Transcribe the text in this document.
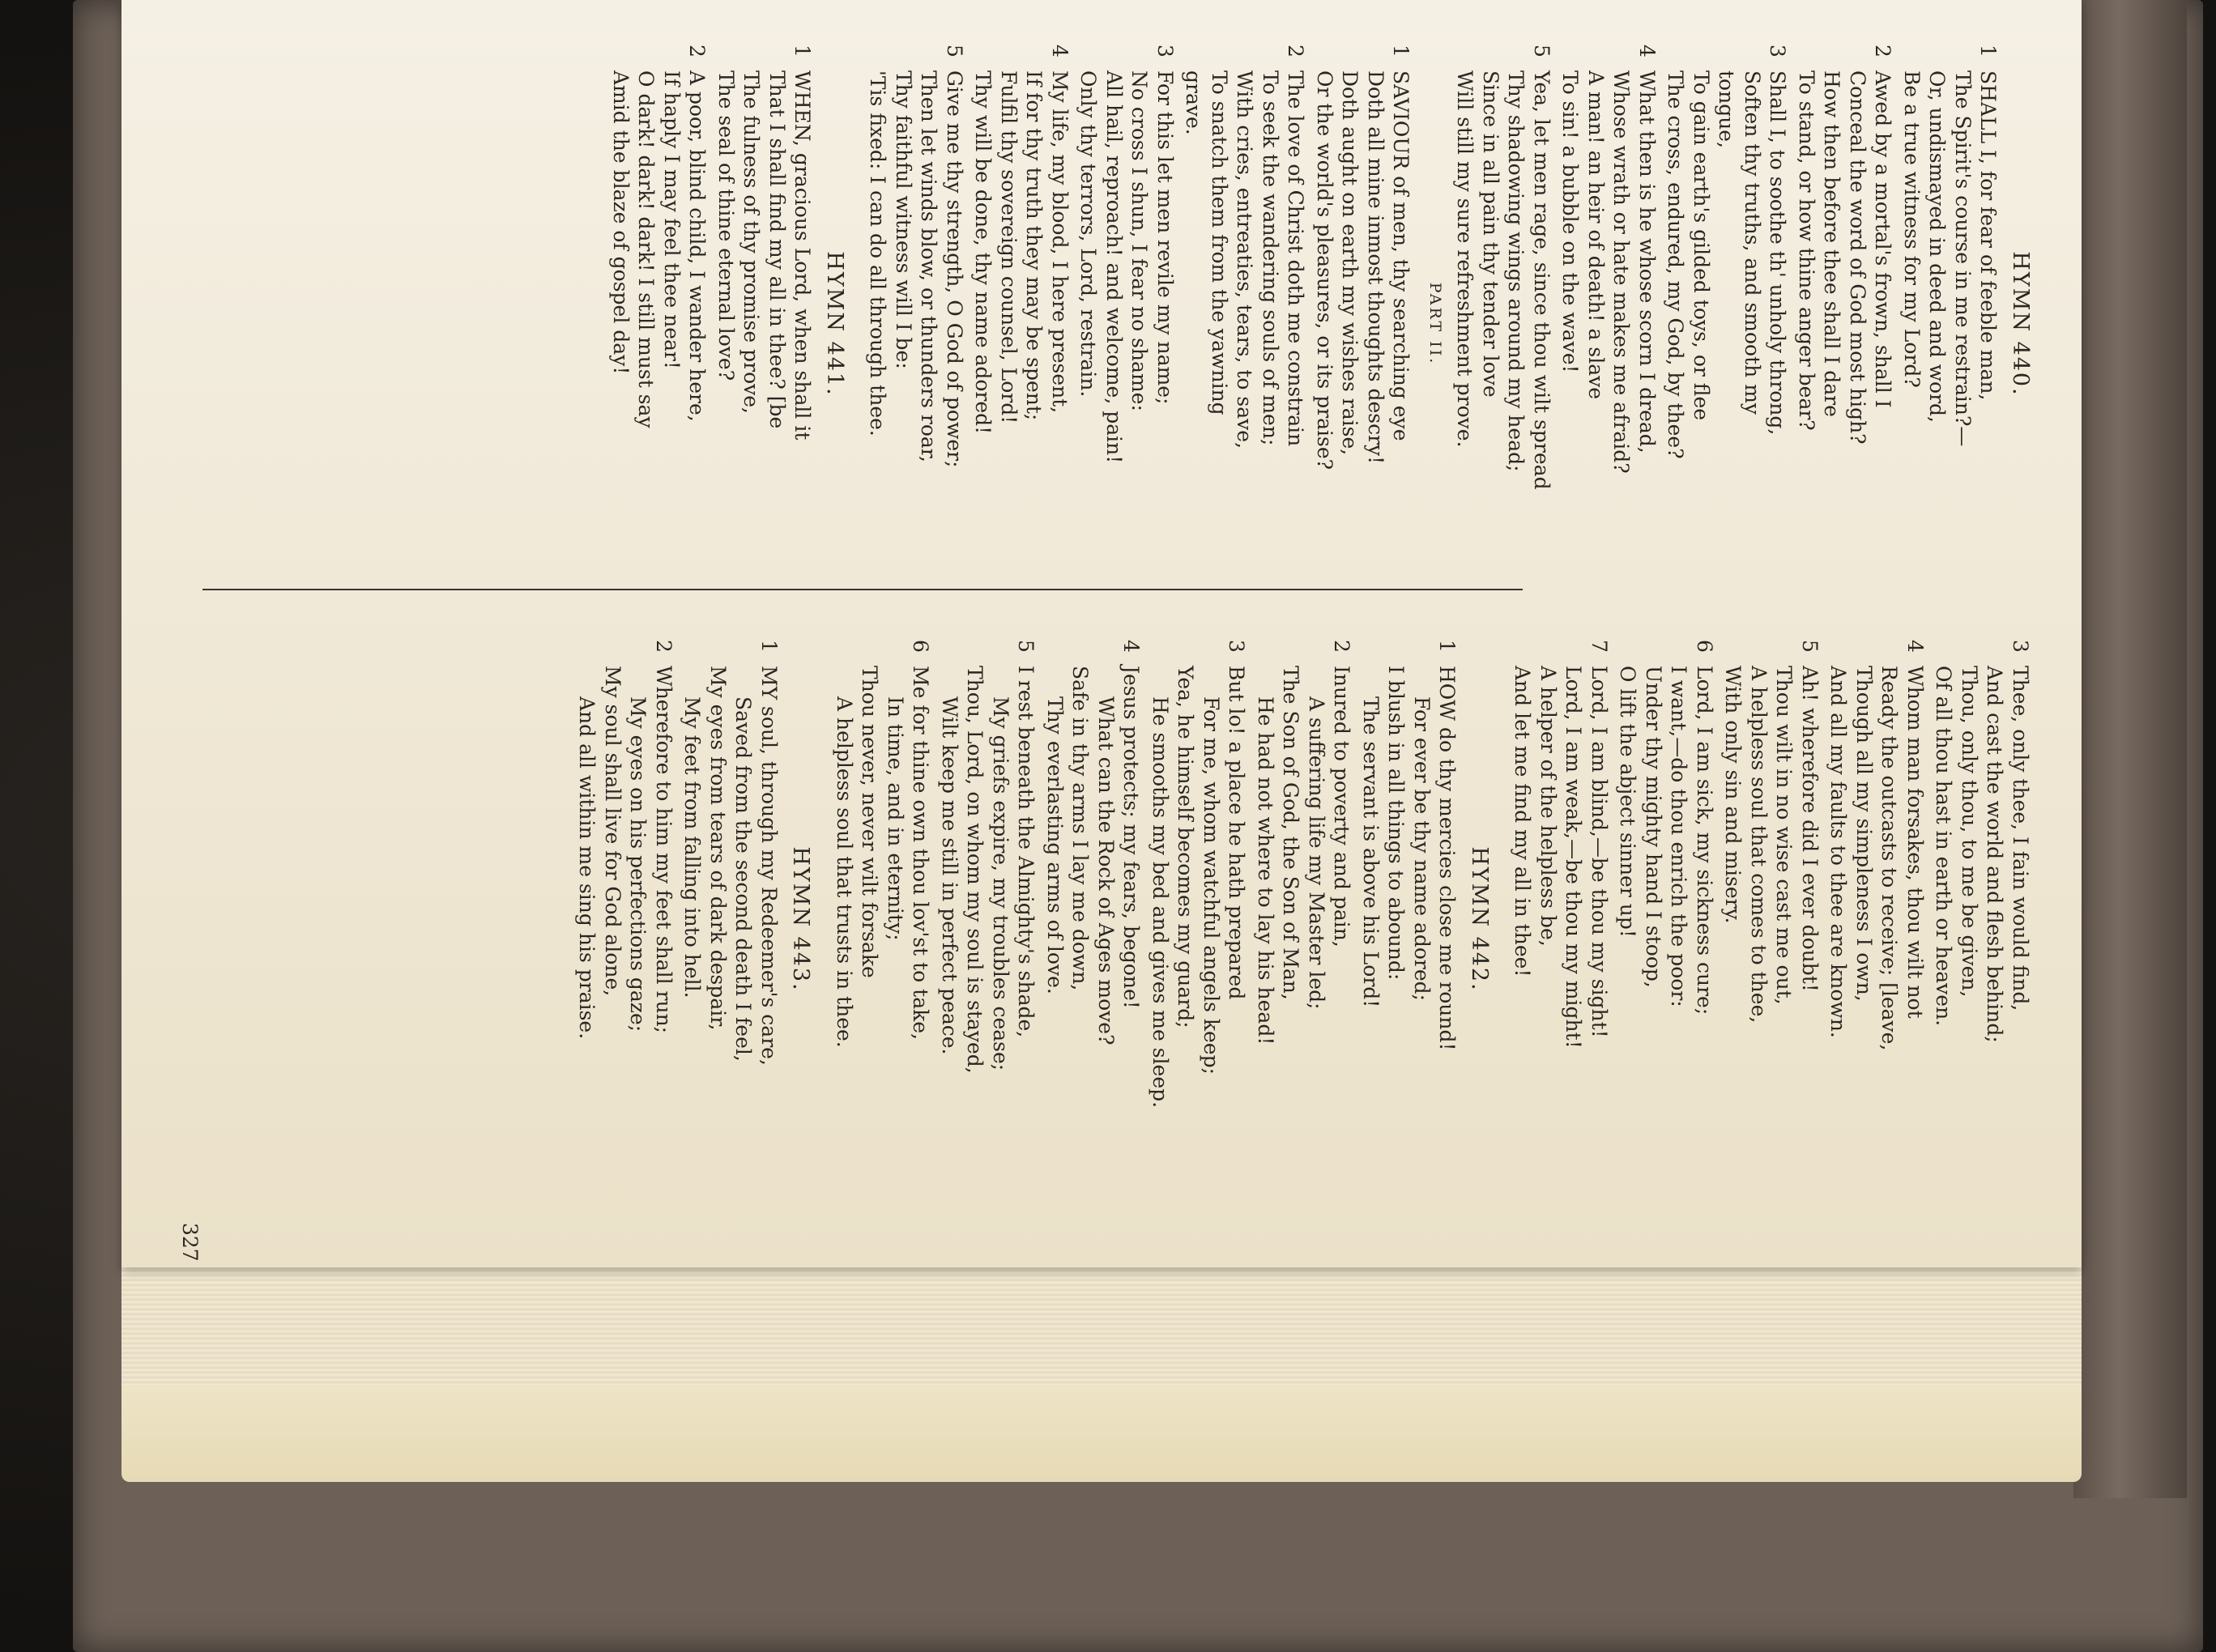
HYMN 440.
1SHALL I, for fear of feeble man,
The Spirit's course in me restrain?—
Or, undismayed in deed and word,
Be a true witness for my Lord?
2Awed by a mortal's frown, shall I
Conceal the word of God most high?
How then before thee shall I dare
To stand, or how thine anger bear?
3Shall I, to soothe th' unholy throng,
Soften thy truths, and smooth my
tongue,
To gain earth's gilded toys, or flee
The cross, endured, my God, by thee?
4What then is he whose scorn I dread,
Whose wrath or hate makes me afraid?
A man! an heir of death! a slave
To sin! a bubble on the wave!
5Yea, let men rage, since thou wilt spread
Thy shadowing wings around my head;
Since in all pain thy tender love
Will still my sure refreshment prove.
PART II.
1SAVIOUR of men, thy searching eye
Doth all mine inmost thoughts descry!
Doth aught on earth my wishes raise,
Or the world's pleasures, or its praise?
2The love of Christ doth me constrain
To seek the wandering souls of men;
With cries, entreaties, tears, to save,
To snatch them from the yawning
grave.
3For this let men revile my name;
No cross I shun, I fear no shame:
All hail, reproach! and welcome, pain!
Only thy terrors, Lord, restrain.
4My life, my blood, I here present,
If for thy truth they may be spent;
Fulfil thy sovereign counsel, Lord!
Thy will be done, thy name adored!
5Give me thy strength, O God of power;
Then let winds blow, or thunders roar,
Thy faithful witness will I be:
'Tis fixed: I can do all through thee.
HYMN 441.
1WHEN, gracious Lord, when shall it
That I shall find my all in thee? [be
The fulness of thy promise prove,
The seal of thine eternal love?
2A poor, blind child, I wander here,
If haply I may feel thee near!
O dark! dark! dark! I still must say
Amid the blaze of gospel day!
3Thee, only thee, I fain would find,
And cast the world and flesh behind;
Thou, only thou, to me be given,
Of all thou hast in earth or heaven.
4Whom man forsakes, thou wilt not
Ready the outcasts to receive; [leave,
Though all my simpleness I own,
And all my faults to thee are known.
5Ah! wherefore did I ever doubt!
Thou wilt in no wise cast me out,
A helpless soul that comes to thee,
With only sin and misery.
6Lord, I am sick, my sickness cure;
I want,—do thou enrich the poor:
Under thy mighty hand I stoop,
O lift the abject sinner up!
7Lord, I am blind,—be thou my sight!
Lord, I am weak,—be thou my might!
A helper of the helpless be,
And let me find my all in thee!
HYMN 442.
1HOW do thy mercies close me round!
For ever be thy name adored;
I blush in all things to abound:
The servant is above his Lord!
2Inured to poverty and pain,
A suffering life my Master led;
The Son of God, the Son of Man,
He had not where to lay his head!
3But lo! a place he hath prepared
For me, whom watchful angels keep;
Yea, he himself becomes my guard;
He smooths my bed and gives me sleep.
4Jesus protects; my fears, begone!
What can the Rock of Ages move?
Safe in thy arms I lay me down,
Thy everlasting arms of love.
5I rest beneath the Almighty's shade,
My griefs expire, my troubles cease;
Thou, Lord, on whom my soul is stayed,
Wilt keep me still in perfect peace.
6Me for thine own thou lov'st to take,
In time, and in eternity;
Thou never, never wilt forsake
A helpless soul that trusts in thee.
HYMN 443.
1MY soul, through my Redeemer's care,
Saved from the second death I feel,
My eyes from tears of dark despair,
My feet from falling into hell.
2Wherefore to him my feet shall run;
My eyes on his perfections gaze;
My soul shall live for God alone,
And all within me sing his praise.
327
